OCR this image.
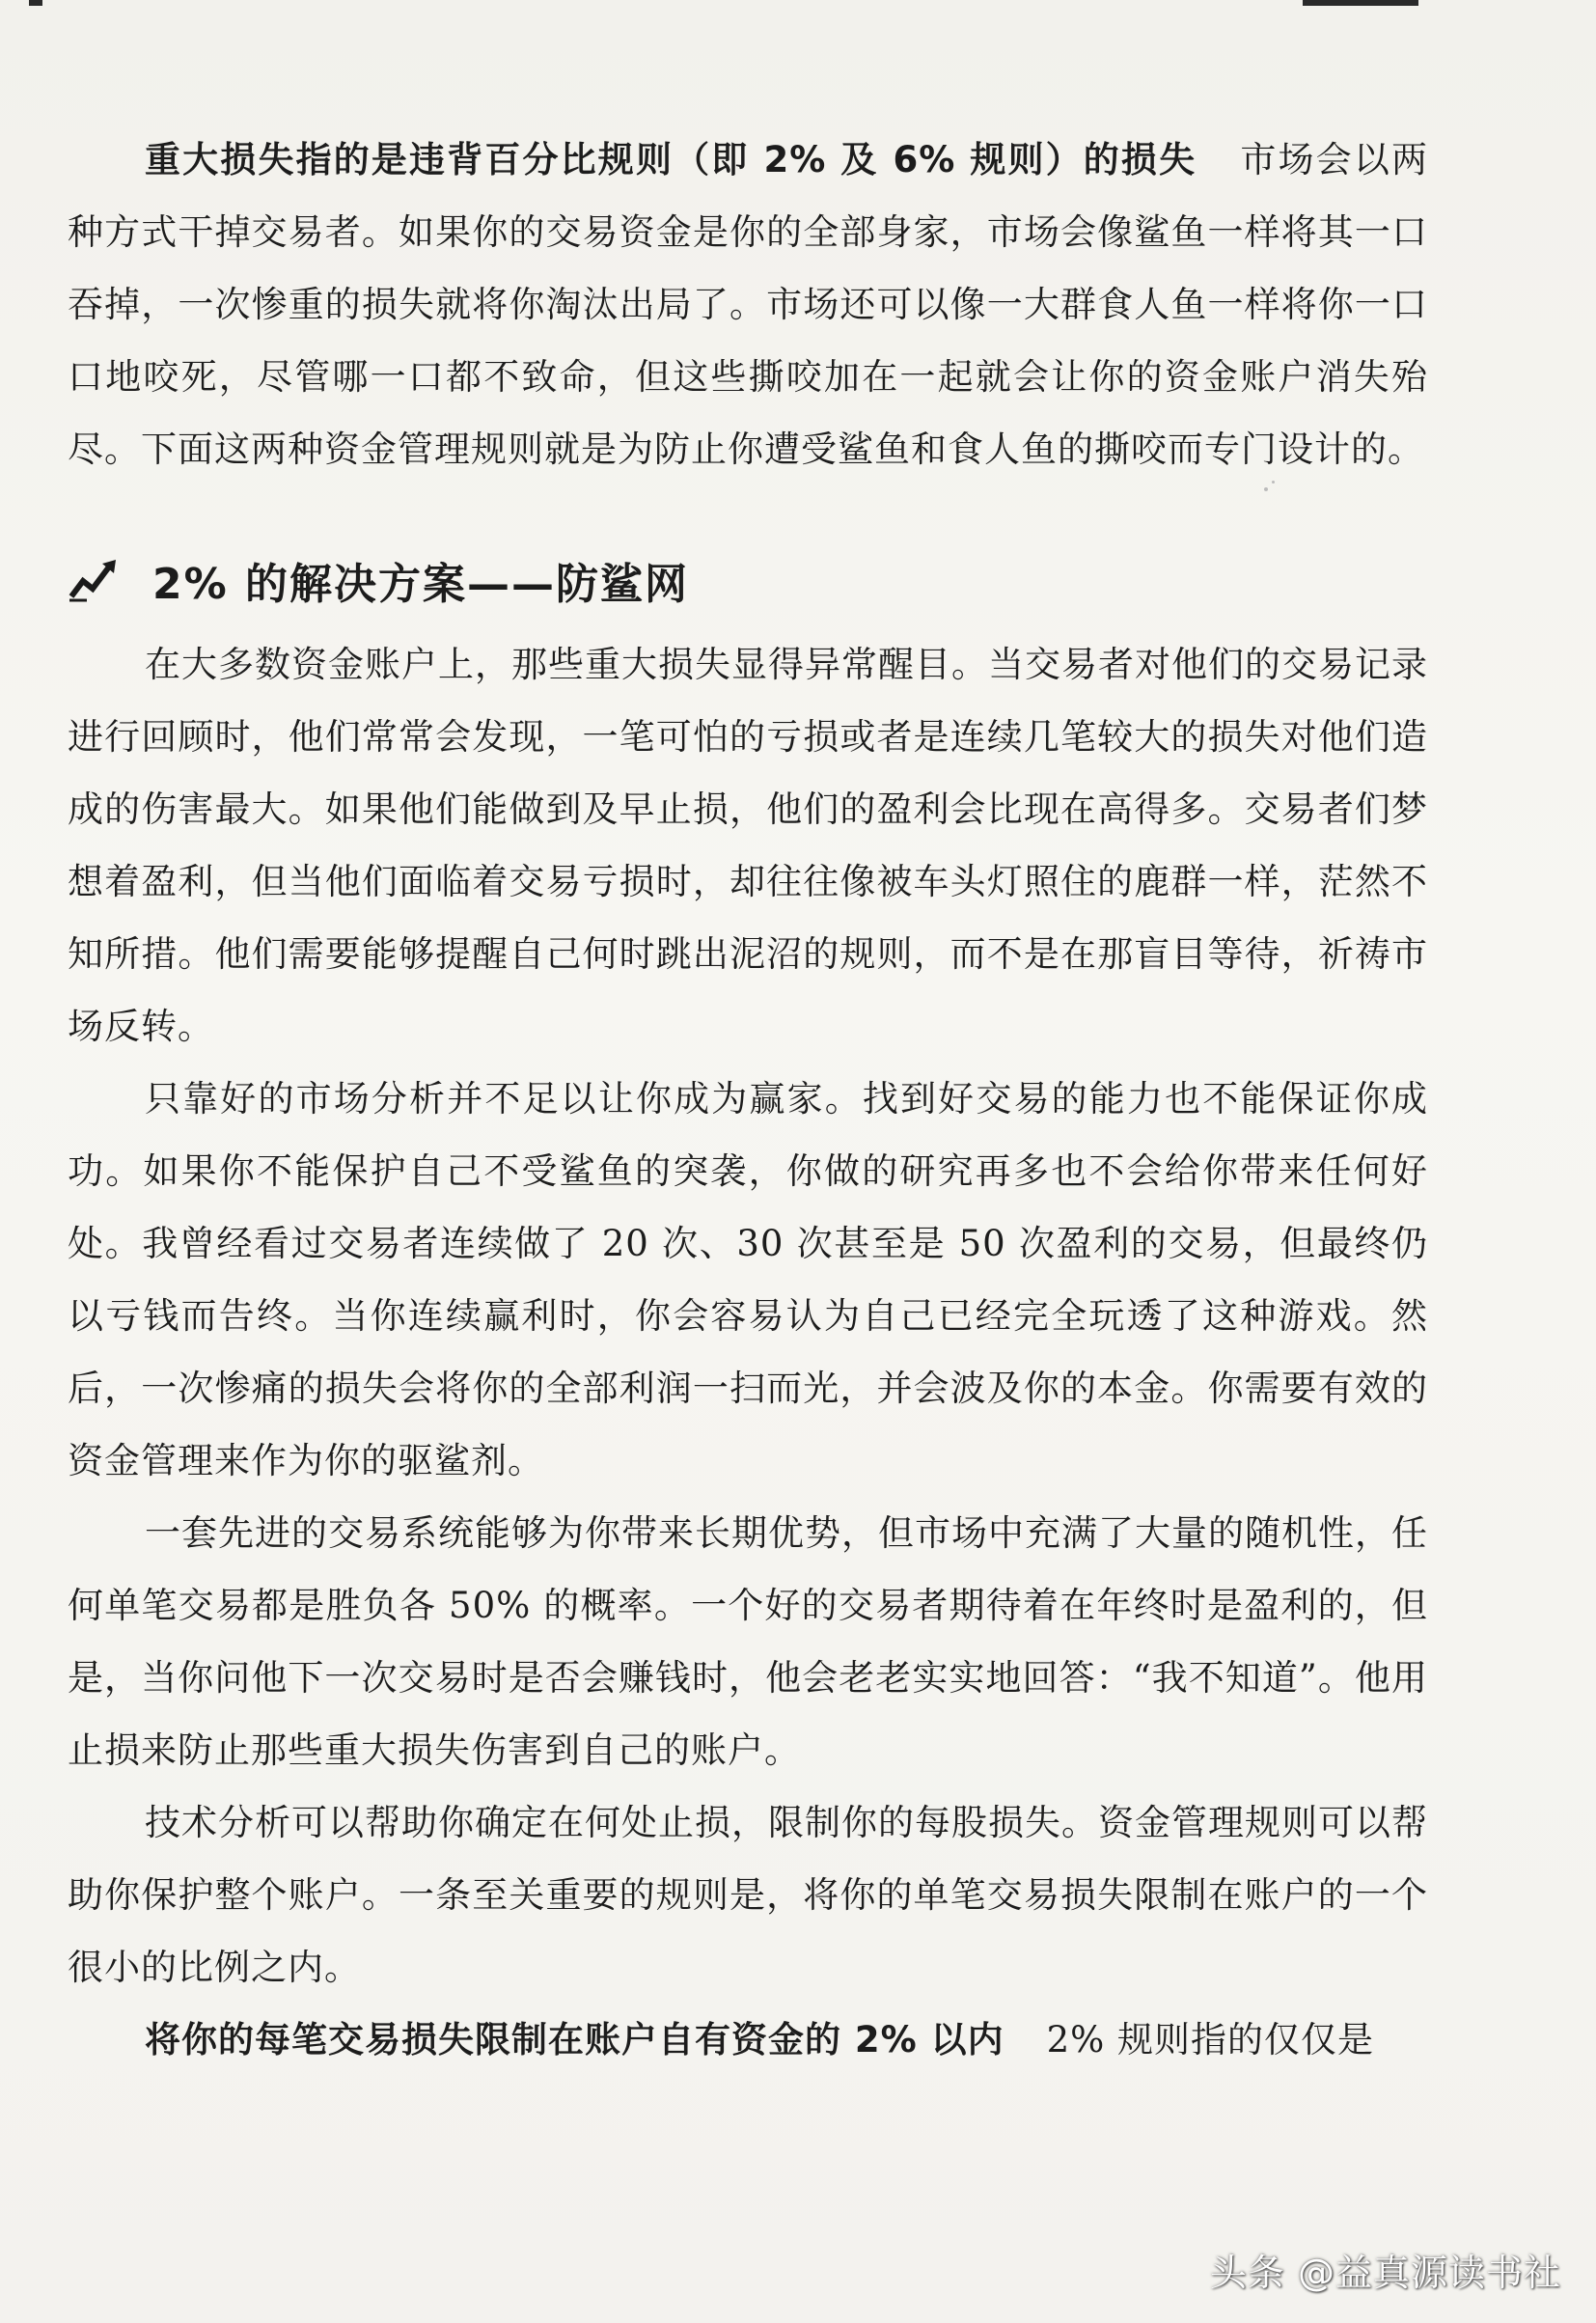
重大损失指的是违背百分比规则（即 2% 及 6% 规则）的损失 市场会以两种方式干掉交易者。如果你的交易资金是你的全部身家，市场会像鲨鱼一样将其一口吞掉，一次惨重的损失就将你淘汰出局了。市场还可以像一大群食人鱼一样将你一口口地咬死，尽管哪一口都不致命，但这些撕咬加在一起就会让你的资金账户消失殆尽。下面这两种资金管理规则就是为防止你遭受鲨鱼和食人鱼的撕咬而专门设计的。

2% 的解决方案——防鲨网

在大多数资金账户上，那些重大损失显得异常醒目。当交易者对他们的交易记录进行回顾时，他们常常会发现，一笔可怕的亏损或者是连续几笔较大的损失对他们造成的伤害最大。如果他们能做到及早止损，他们的盈利会比现在高得多。交易者们梦想着盈利，但当他们面临着交易亏损时，却往往像被车头灯照住的鹿群一样，茫然不知所措。他们需要能够提醒自己何时跳出泥沼的规则，而不是在那盲目等待，祈祷市场反转。

只靠好的市场分析并不足以让你成为赢家。找到好交易的能力也不能保证你成功。如果你不能保护自己不受鲨鱼的突袭，你做的研究再多也不会给你带来任何好处。我曾经看过交易者连续做了 20 次、30 次甚至是 50 次盈利的交易，但最终仍以亏钱而告终。当你连续赢利时，你会容易认为自己已经完全玩透了这种游戏。然后，一次惨痛的损失会将你的全部利润一扫而光，并会波及你的本金。你需要有效的资金管理来作为你的驱鲨剂。

一套先进的交易系统能够为你带来长期优势，但市场中充满了大量的随机性，任何单笔交易都是胜负各 50% 的概率。一个好的交易者期待着在年终时是盈利的，但是，当你问他下一次交易时是否会赚钱时，他会老老实实地回答：“我不知道”。他用止损来防止那些重大损失伤害到自己的账户。

技术分析可以帮助你确定在何处止损，限制你的每股损失。资金管理规则可以帮助你保护整个账户。一条至关重要的规则是，将你的单笔交易损失限制在账户的一个很小的比例之内。

将你的每笔交易损失限制在账户自有资金的 2% 以内 2% 规则指的仅仅是

头条 @益真源读书社
